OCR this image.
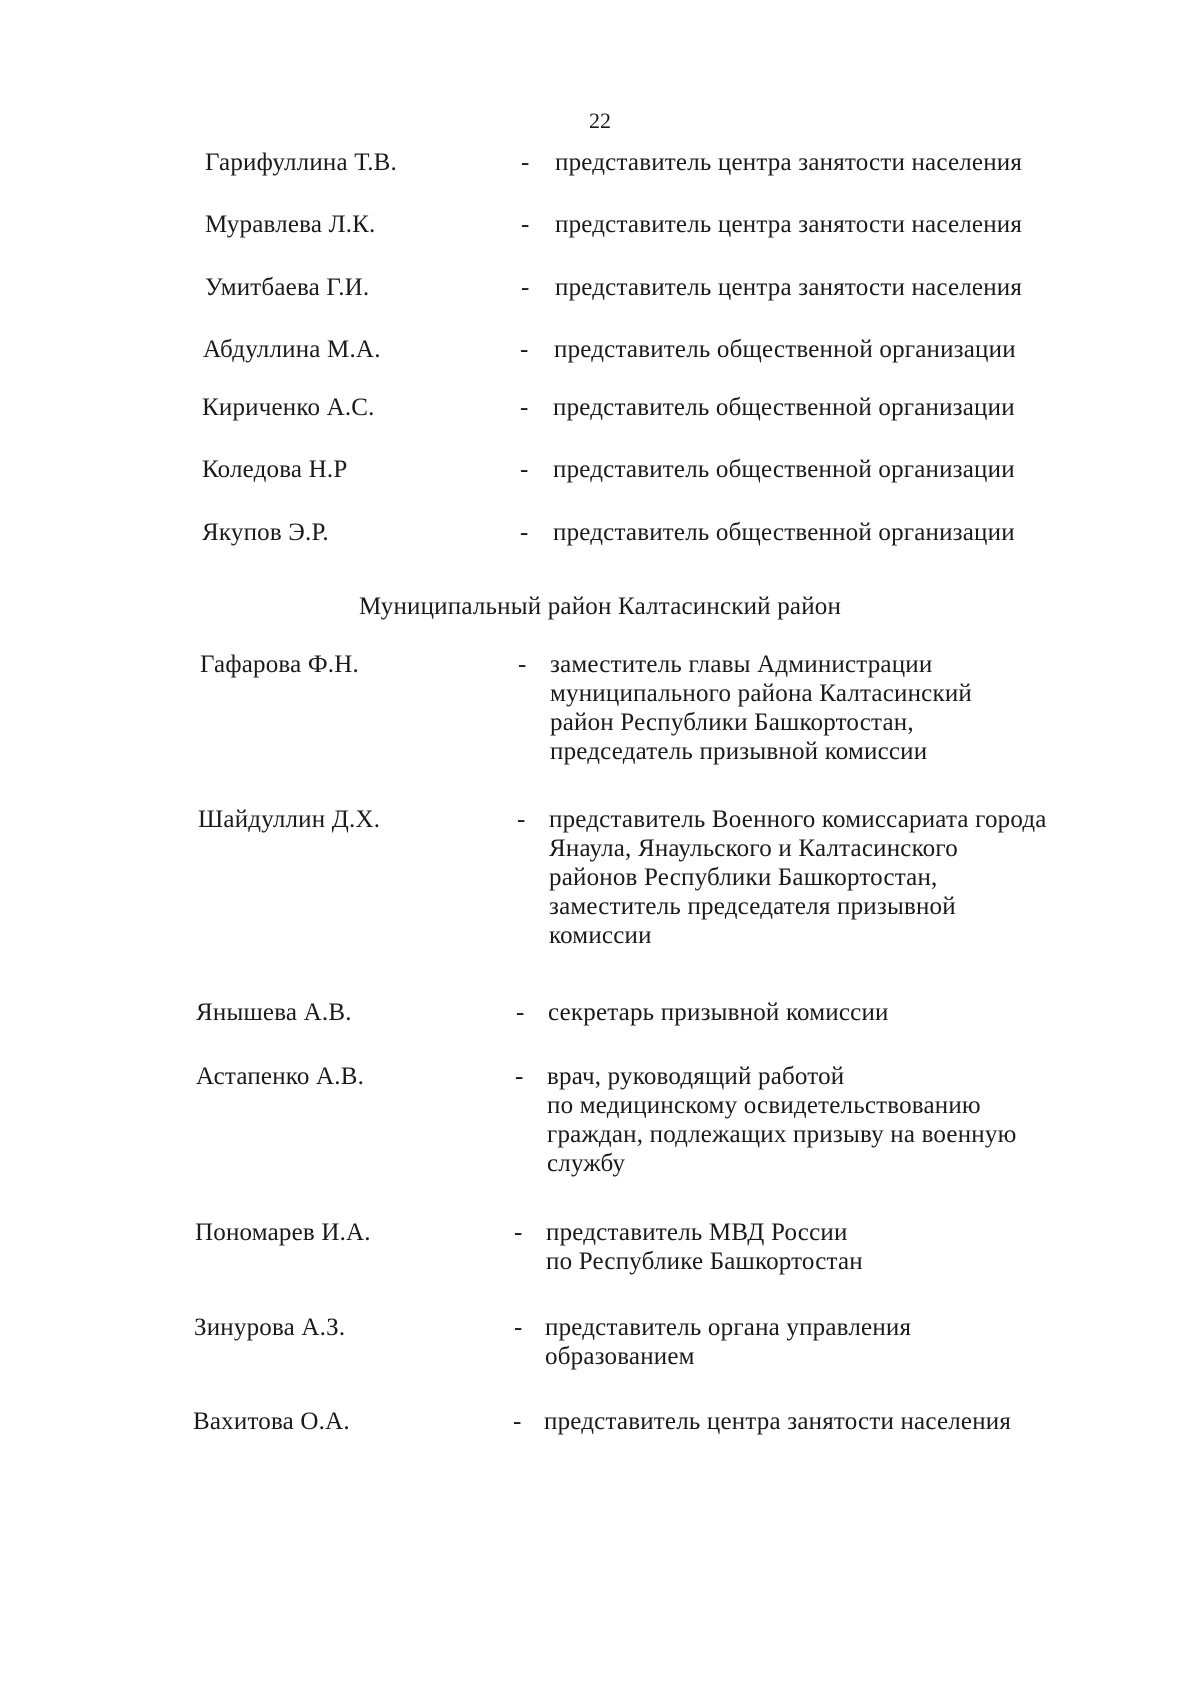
22
Гарифуллина Т.В.	- представитель центра занятости населения
Муравлева Л.К.	- представитель центра занятости населения
Умитбаева Г.И.	- представитель центра занятости населения
Абдуллина М.А.	- представитель общественной организации
Кириченко А.С.	- представитель общественной организации
Коледова Н.Р	- представитель общественной организации
Якупов Э.Р.	- представитель общественной организации
Муниципальный район Калтасинский район
Гафарова Ф.Н.	- заместитель главы Администрации
муниципального района Калтасинский
район Республики Башкортостан,
председатель призывной комиссии
Шайдуллин Д.Х.	- представитель Военного комиссариата города
Янаула, Янаульского и Калтасинского
районов Республики Башкортостан,
заместитель председателя призывной
комиссии
Янышева А.В.	- секретарь призывной комиссии
Астапенко А.В.	- врач, руководящий работой
по медицинскому освидетельствованию
граждан, подлежащих призыву на военную
службу
Пономарев И.А.	- представитель МВД России
по Республике Башкортостан
Зинурова А.З.	- представитель органа управления
образованием
Вахитова О.А.	- представитель центра занятости населения
